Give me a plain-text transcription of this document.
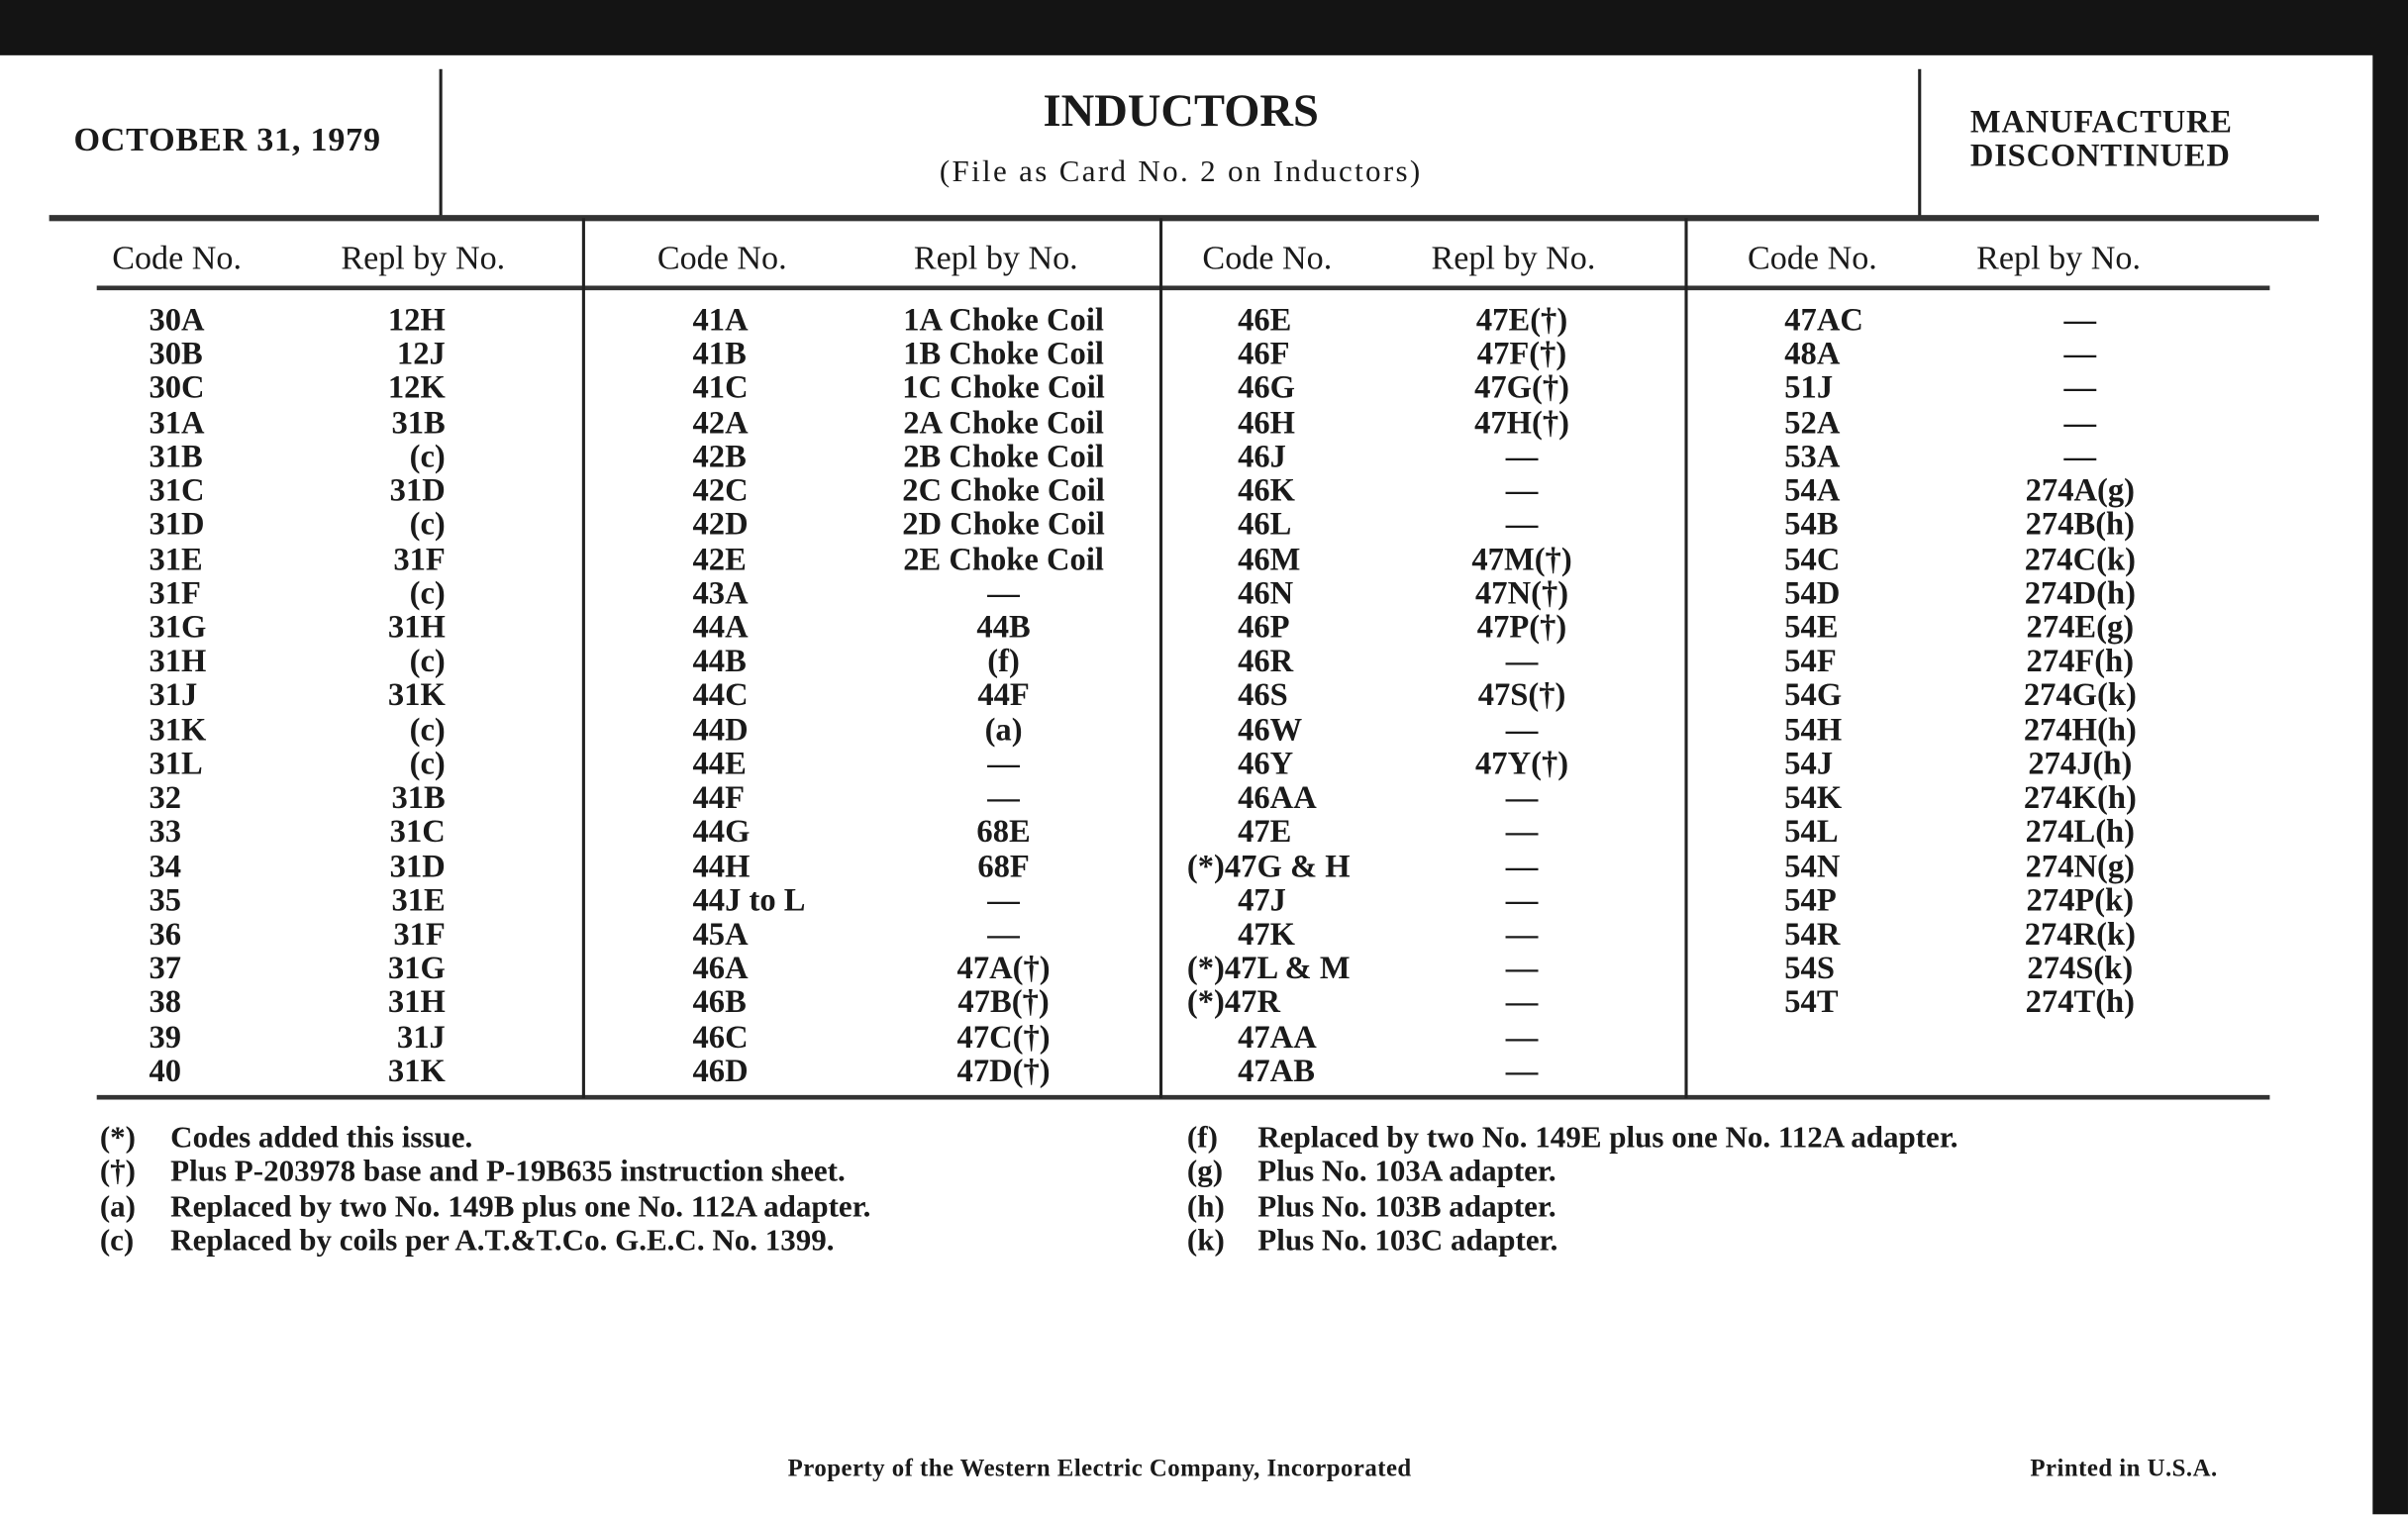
OCTOBER 31, 1979
INDUCTORS
(File as Card No. 2 on Inductors)
MANUFACTURE
DISCONTINUED
Code No.	Repl by No.	Code No.	Repl by No.	Code No.	Repl by No.	Code No.	Repl by No.
30A	12H
30B	12J
30C	12K
31A	31B
31B	(c)
31C	31D
31D	(c)
31E	31F
31F	(c)
31G	31H
31H	(c)
31J	31K
31K	(c)
31L	(c)
32	31B
33	31C
34	31D
35	31E
36	31F
37	31G
38	31H
39	31J
40	31K
41A	1A Choke Coil
41B	1B Choke Coil
41C	1C Choke Coil
42A	2A Choke Coil
42B	2B Choke Coil
42C	2C Choke Coil
42D	2D Choke Coil
42E	2E Choke Coil
43A	—
44A	44B
44B	(f)
44C	44F
44D	(a)
44E	—
44F	—
44G	68E
44H	68F
44J to L	—
45A	—
46A	47A(†)
46B	47B(†)
46C	47C(†)
46D	47D(†)
46E	47E(†)
46F	47F(†)
46G	47G(†)
46H	47H(†)
46J	—
46K	—
46L	—
46M	47M(†)
46N	47N(†)
46P	47P(†)
46R	—
46S	47S(†)
46W	—
46Y	47Y(†)
46AA	—
47E	—
(*)47G & H	—
47J	—
47K	—
(*)47L & M	—
(*)47R	—
47AA	—
47AB	—
47AC	—
48A	—
51J	—
52A	—
53A	—
54A	274A(g)
54B	274B(h)
54C	274C(k)
54D	274D(h)
54E	274E(g)
54F	274F(h)
54G	274G(k)
54H	274H(h)
54J	274J(h)
54K	274K(h)
54L	274L(h)
54N	274N(g)
54P	274P(k)
54R	274R(k)
54S	274S(k)
54T	274T(h)
(*) Codes added this issue.
(†) Plus P-203978 base and P-19B635 instruction sheet.
(a) Replaced by two No. 149B plus one No. 112A adapter.
(c) Replaced by coils per A.T.&T.Co. G.E.C. No. 1399.
(f) Replaced by two No. 149E plus one No. 112A adapter.
(g) Plus No. 103A adapter.
(h) Plus No. 103B adapter.
(k) Plus No. 103C adapter.
Property of the Western Electric Company, Incorporated	Printed in U.S.A.
